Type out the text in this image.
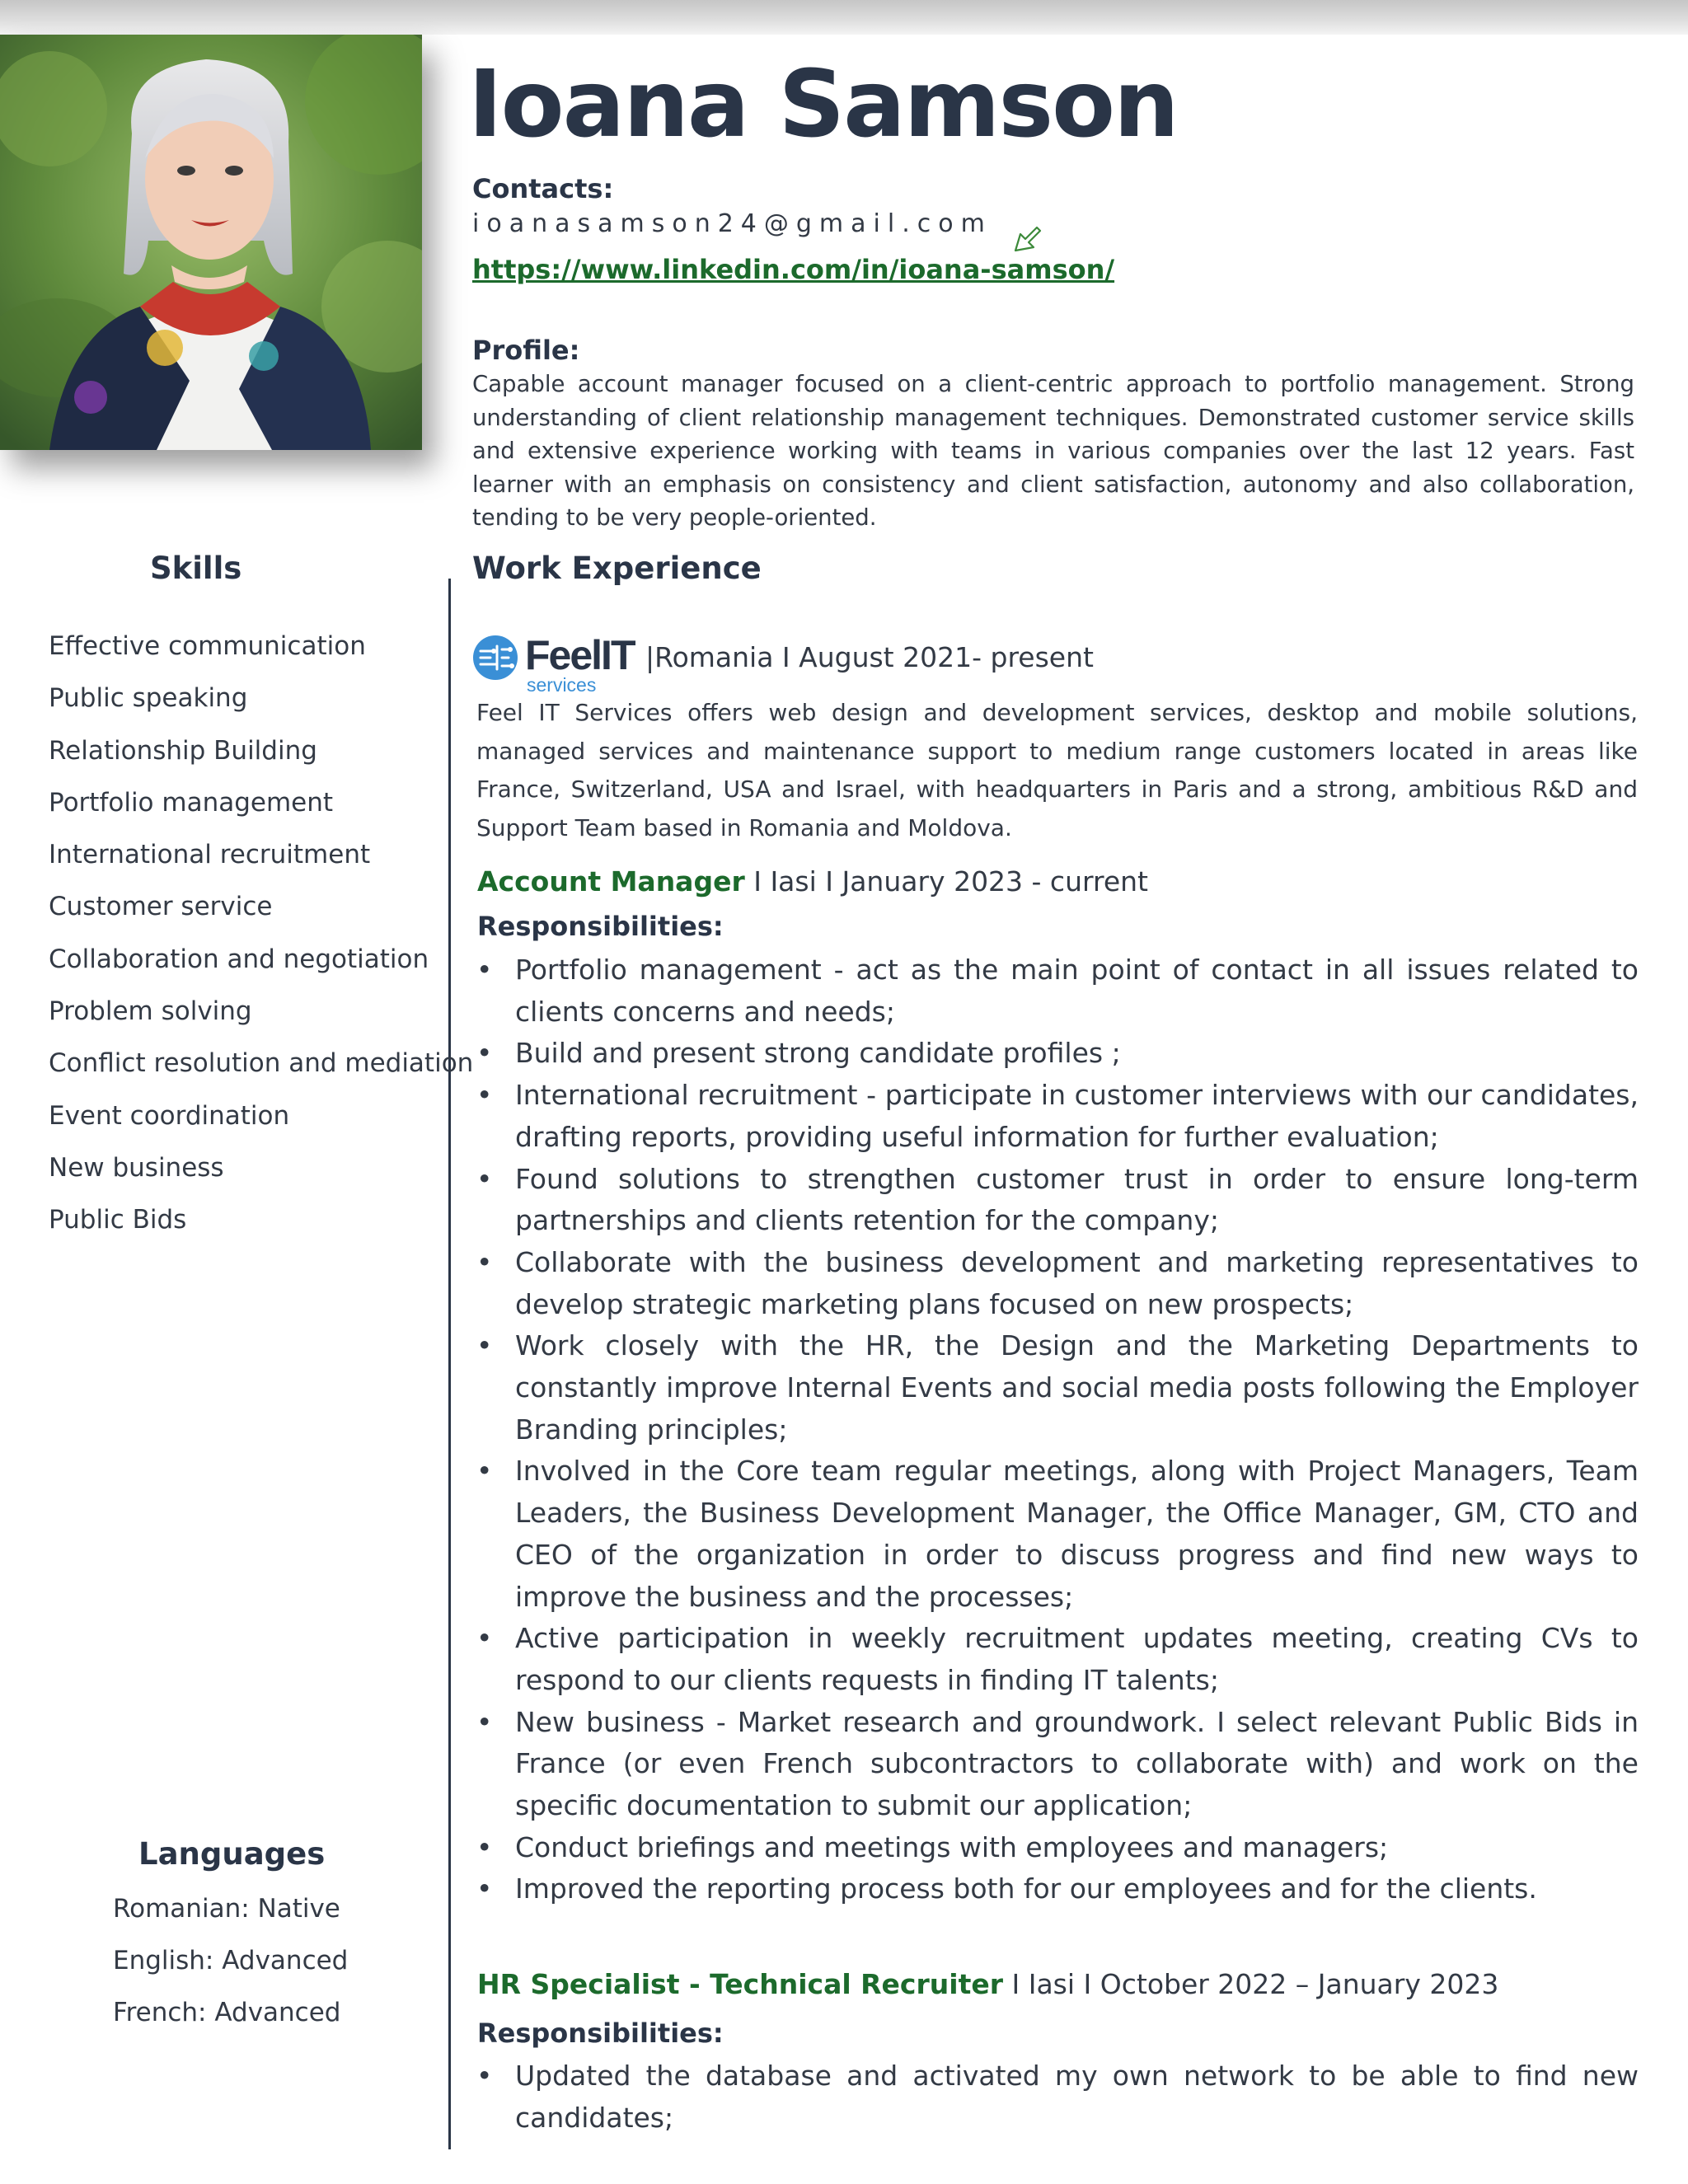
Ioana Samson
Contacts:
ioanasamson24@gmail.com
https://www.linkedin.com/in/ioana-samson/
Profile:
Capable account manager focused on a client-centric approach to portfolio management. Strong understanding of client relationship management techniques. Demonstrated customer service skills and extensive experience working with teams in various companies over the last 12 years. Fast learner with an emphasis on consistency and client satisfaction, autonomy and also collaboration, tending to be very people-oriented.
Skills	Work Experience
Effective communication
Public speaking
Relationship Building
Portfolio management
International recruitment
Customer service
Collaboration and negotiation
Problem solving
Conflict resolution and mediation
Event coordination
New business
Public Bids
Languages
Romanian: Native
English: Advanced
French: Advanced
FeelIT
services
|Romania I August 2021- present
Feel IT Services offers web design and development services, desktop and mobile solutions, managed services and maintenance support to medium range customers located in areas like France, Switzerland, USA and Israel, with headquarters in Paris and a strong, ambitious R&D and Support Team based in Romania and Moldova.
Account Manager I Iasi I January 2023 - current
Responsibilities:
• Portfolio management - act as the main point of contact in all issues related to clients concerns and needs;
• Build and present strong candidate profiles ;
• International recruitment - participate in customer interviews with our candidates, drafting reports, providing useful information for further evaluation;
• Found solutions to strengthen customer trust in order to ensure long-term partnerships and clients retention for the company;
• Collaborate with the business development and marketing representatives to develop strategic marketing plans focused on new prospects;
• Work closely with the HR, the Design and the Marketing Departments to constantly improve Internal Events and social media posts following the Employer Branding principles;
• Involved in the Core team regular meetings, along with Project Managers, Team Leaders, the Business Development Manager, the Office Manager, GM, CTO and CEO of the organization in order to discuss progress and find new ways to improve the business and the processes;
• Active participation in weekly recruitment updates meeting, creating CVs to respond to our clients requests in finding IT talents;
• New business - Market research and groundwork. I select relevant Public Bids in France (or even French subcontractors to collaborate with) and work on the specific documentation to submit our application;
• Conduct briefings and meetings with employees and managers;
• Improved the reporting process both for our employees and for the clients.
HR Specialist - Technical Recruiter I Iasi I October 2022 – January 2023
Responsibilities:
• Updated the database and activated my own network to be able to find new candidates;
